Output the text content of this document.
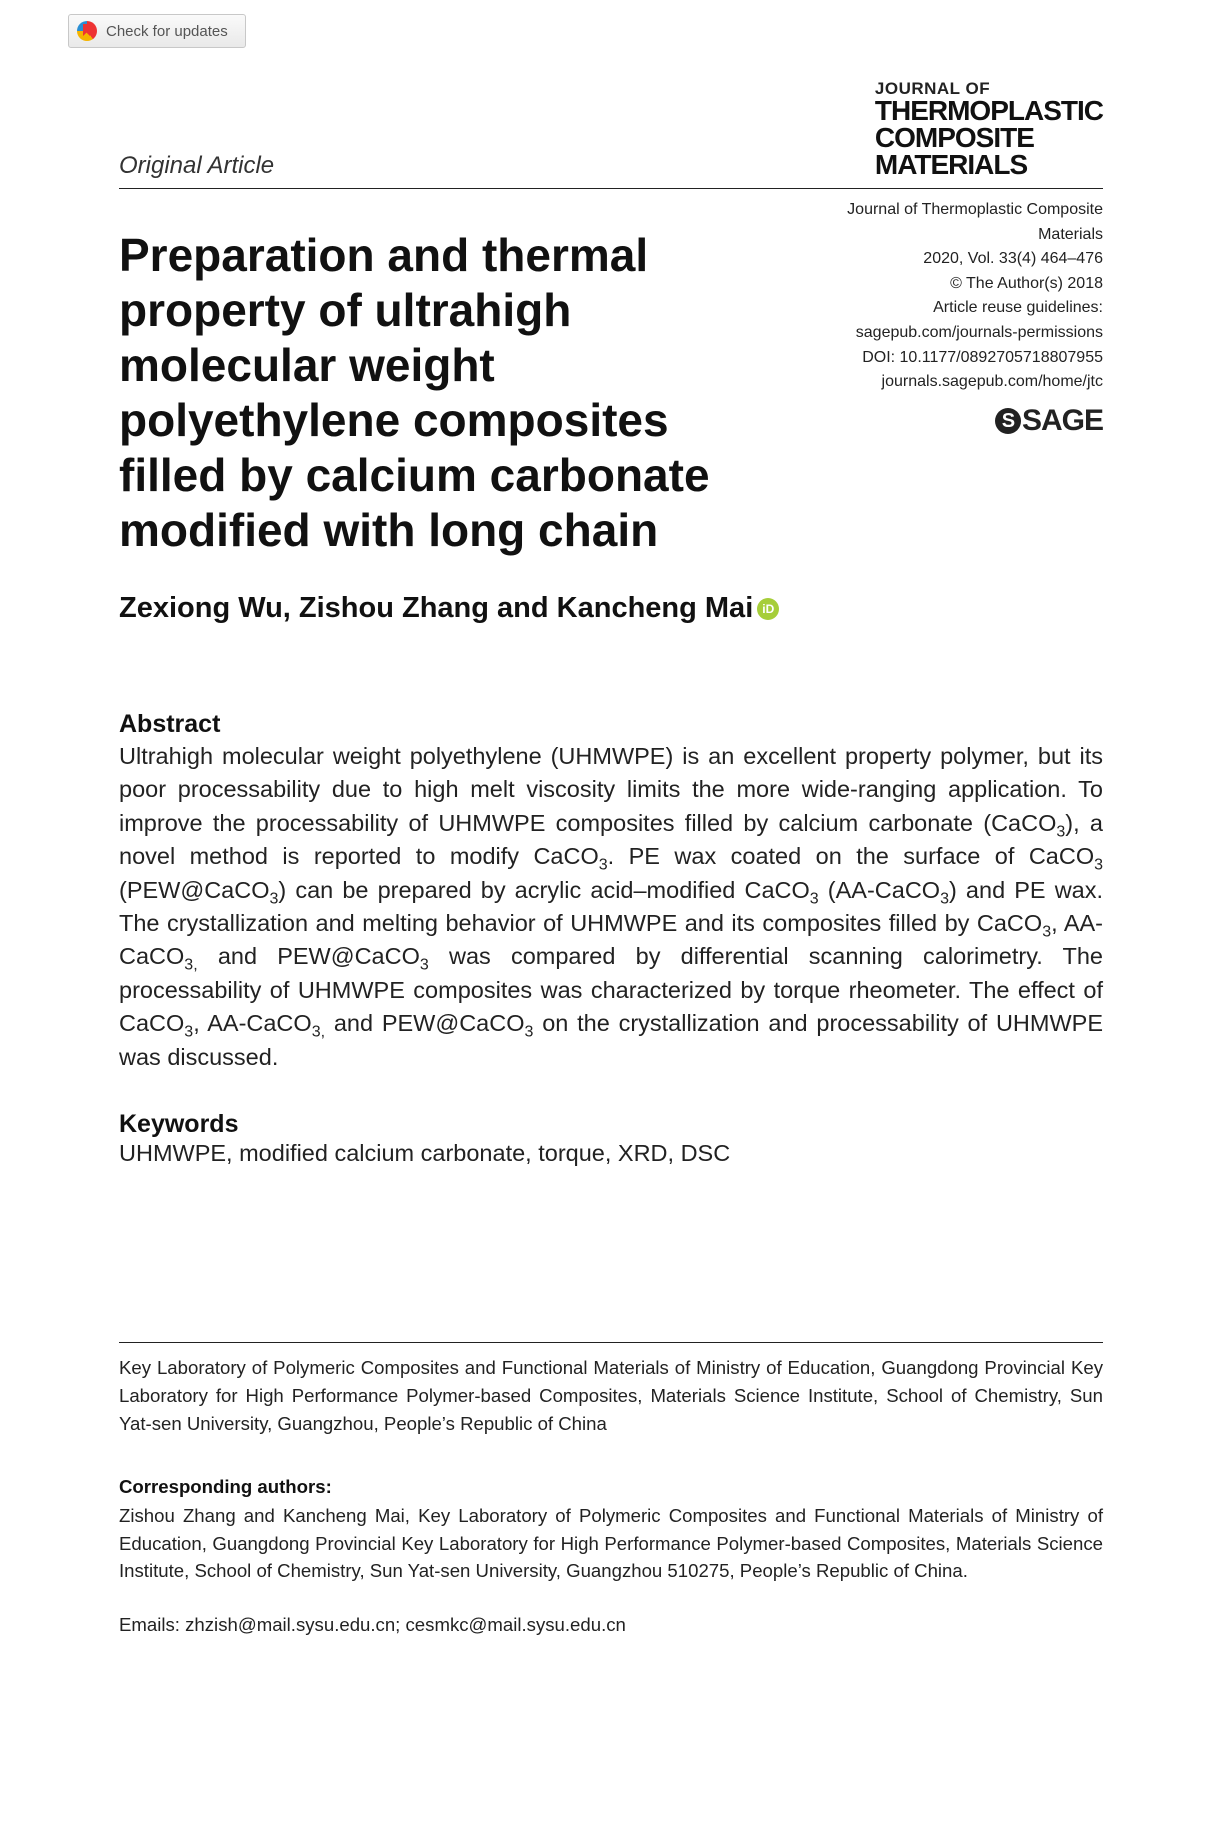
Check for updates
JOURNAL OF
THERMOPLASTIC
COMPOSITE
MATERIALS
Original Article
Preparation and thermal property of ultrahigh molecular weight polyethylene composites filled by calcium carbonate modified with long chain
Journal of Thermoplastic Composite
Materials
2020, Vol. 33(4) 464–476
© The Author(s) 2018
Article reuse guidelines:
sagepub.com/journals-permissions
DOI: 10.1177/0892705718807955
journals.sagepub.com/home/jtc
S SAGE
Zexiong Wu, Zishou Zhang and Kancheng Mai iD
Abstract

Ultrahigh molecular weight polyethylene (UHMWPE) is an excellent property polymer, but its poor processability due to high melt viscosity limits the more wide-ranging application. To improve the processability of UHMWPE composites filled by calcium carbonate (CaCO$_3$), a novel method is reported to modify CaCO$_3$. PE wax coated on the surface of CaCO$_3$ (PEW@CaCO$_3$) can be prepared by acrylic acid–modified CaCO$_3$ (AA-CaCO$_3$) and PE wax. The crystallization and melting behavior of UHMWPE and its composites filled by CaCO$_3$, AA-CaCO$_{3,}$ and PEW@CaCO$_3$ was compared by differential scanning calorimetry. The processability of UHMWPE composites was characterized by torque rheometer. The effect of CaCO$_3$, AA-CaCO$_{3,}$ and PEW@CaCO$_3$ on the crystallization and processability of UHMWPE was discussed.

Keywords
UHMWPE, modified calcium carbonate, torque, XRD, DSC

Key Laboratory of Polymeric Composites and Functional Materials of Ministry of Education, Guangdong Provincial Key Laboratory for High Performance Polymer-based Composites, Materials Science Institute, School of Chemistry, Sun Yat-sen University, Guangzhou, People’s Republic of China

Corresponding authors:

Zishou Zhang and Kancheng Mai, Key Laboratory of Polymeric Composites and Functional Materials of Ministry of Education, Guangdong Provincial Key Laboratory for High Performance Polymer-based Composites, Materials Science Institute, School of Chemistry, Sun Yat-sen University, Guangzhou 510275, People’s Republic of China.

Emails: zhzish@mail.sysu.edu.cn; cesmkc@mail.sysu.edu.cn
